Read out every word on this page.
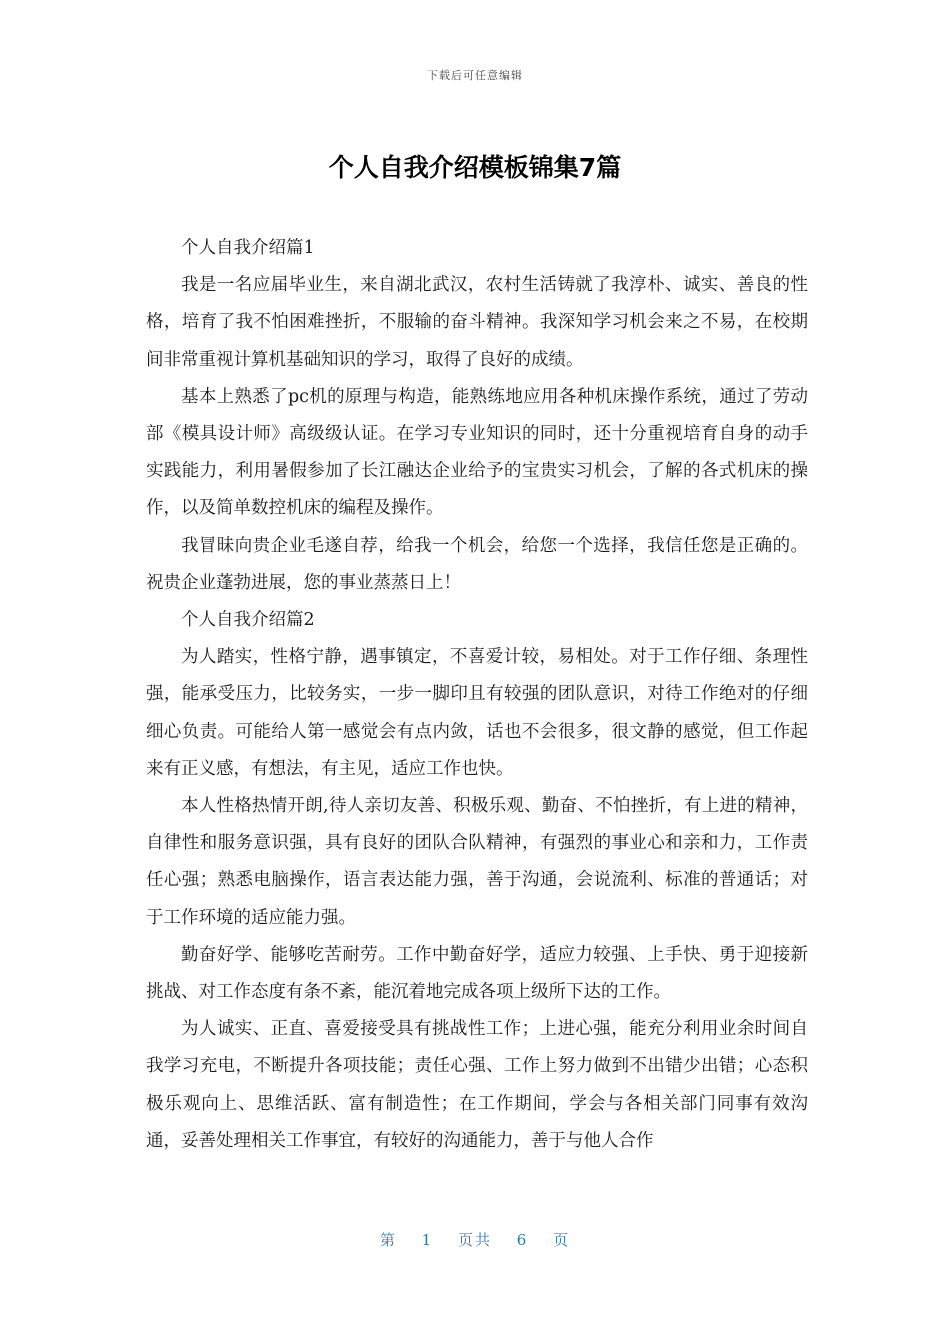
下载后可任意编辑
个人自我介绍模板锦集7篇

个人自我介绍篇1

我是一名应届毕业生，来自湖北武汉，农村生活铸就了我淳朴、诚实、善良的性格，培育了我不怕困难挫折，不服输的奋斗精神。我深知学习机会来之不易，在校期间非常重视计算机基础知识的学习，取得了良好的成绩。

基本上熟悉了pc机的原理与构造，能熟练地应用各种机床操作系统，通过了劳动部《模具设计师》高级级认证。在学习专业知识的同时，还十分重视培育自身的动手实践能力，利用暑假参加了长江融达企业给予的宝贵实习机会，了解的各式机床的操作，以及简单数控机床的编程及操作。

我冒昧向贵企业毛遂自荐，给我一个机会，给您一个选择，我信任您是正确的。祝贵企业蓬勃进展，您的事业蒸蒸日上！

个人自我介绍篇2

为人踏实，性格宁静，遇事镇定，不喜爱计较，易相处。对于工作仔细、条理性强，能承受压力，比较务实，一步一脚印且有较强的团队意识，对待工作绝对的仔细细心负责。可能给人第一感觉会有点内敛，话也不会很多，很文静的感觉，但工作起来有正义感，有想法，有主见，适应工作也快。

本人性格热情开朗,待人亲切友善、积极乐观、勤奋、不怕挫折，有上进的精神，自律性和服务意识强，具有良好的团队合队精神，有强烈的事业心和亲和力，工作责任心强；熟悉电脑操作，语言表达能力强，善于沟通，会说流利、标准的普通话；对于工作环境的适应能力强。

勤奋好学、能够吃苦耐劳。工作中勤奋好学，适应力较强、上手快、勇于迎接新挑战、对工作态度有条不紊，能沉着地完成各项上级所下达的工作。

为人诚实、正直、喜爱接受具有挑战性工作；上进心强，能充分利用业余时间自我学习充电，不断提升各项技能；责任心强、工作上努力做到不出错少出错；心态积极乐观向上、思维活跃、富有制造性；在工作期间，学会与各相关部门同事有效沟通，妥善处理相关工作事宜，有较好的沟通能力，善于与他人合作

第 1 页共 6 页
